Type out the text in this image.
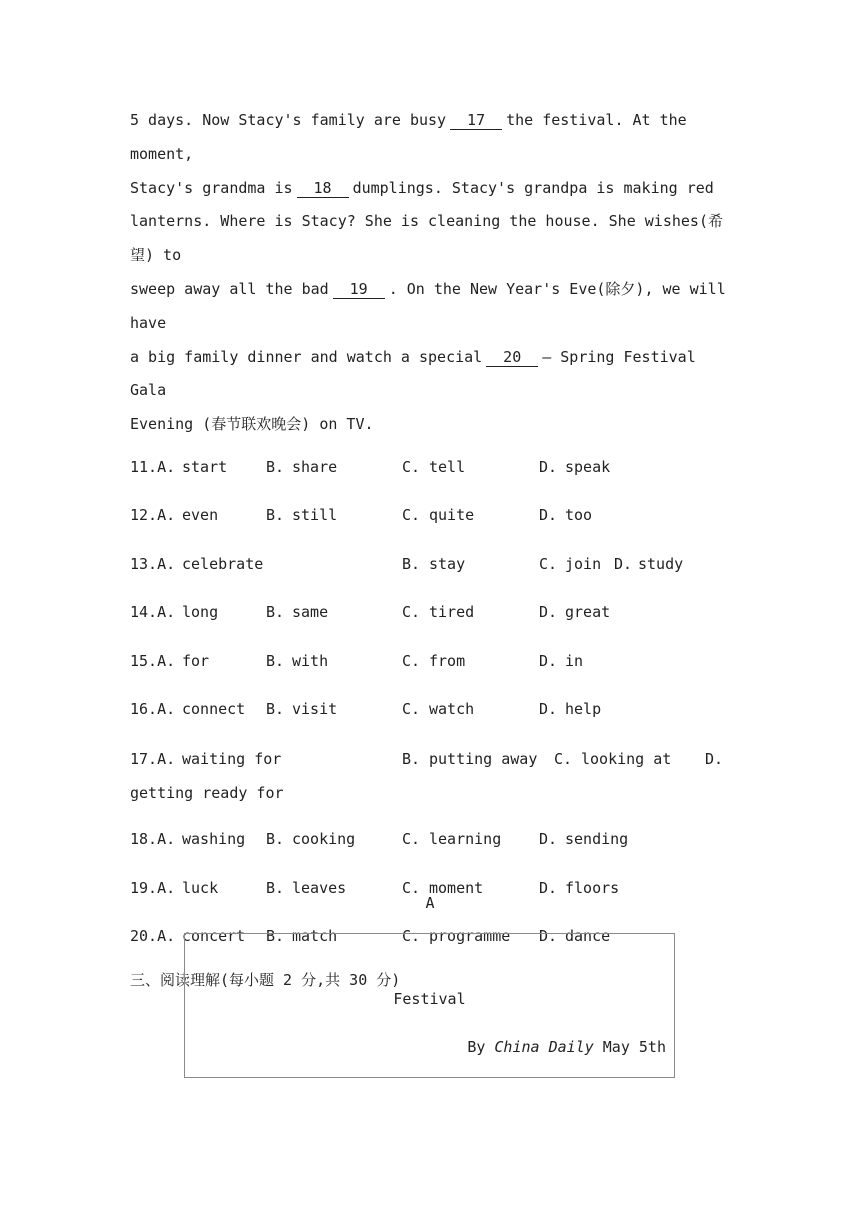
5 days. Now Stacy's family are busy 17 the festival. At the moment,
Stacy's grandma is 18 dumplings. Stacy's grandpa is making red
lanterns. Where is Stacy? She is cleaning the house. She wishes(希望) to
sweep away all the bad 19 . On the New Year's Eve(除夕), we will have
a big family dinner and watch a special 20 — Spring Festival Gala
Evening (春节联欢晚会) on TV.

11.A. start	B. share	C. tell	D. speak
12.A. even	B. still	C. quite	D. too
13.A. celebrate	B. stay	C. join D. study
14.A. long	B. same	C. tired	D. great
15.A. for	B. with	C. from	D. in
16.A. connect B. visit	C. watch	D. help
17.A. waiting for	B. putting away C. looking at D.
getting ready for
18.A. washing B. cooking	C. learning	D. sending
19.A. luck	B. leaves	C. moment	D. floors
20.A. concert B. match	C. programme D. dance
三、阅读理解(每小题 2 分,共 30 分)
A
Festival
By China Daily May 5th
